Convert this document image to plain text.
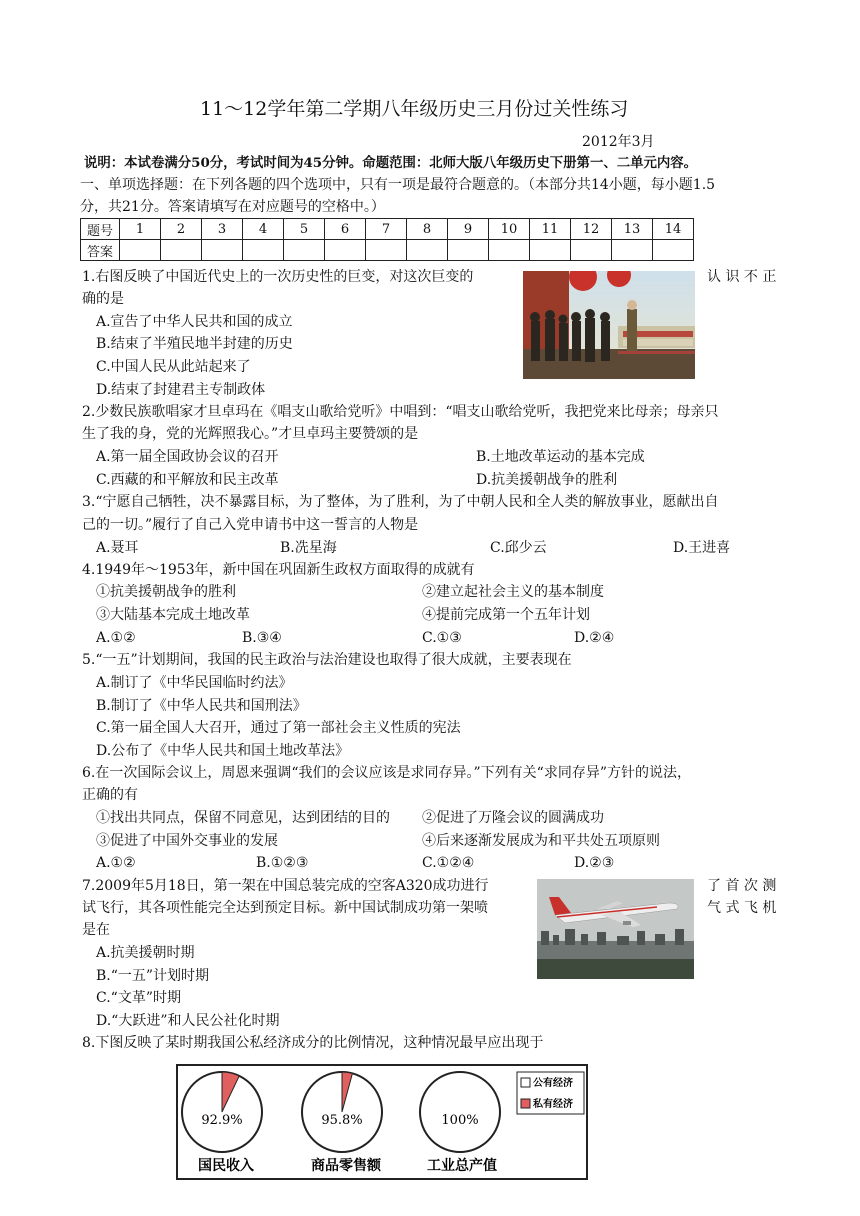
11～12学年第二学期八年级历史三月份过关性练习
2012年3月
说明：本试卷满分50分，考试时间为45分钟。命题范围：北师大版八年级历史下册第一、二单元内容。
一、单项选择题：在下列各题的四个选项中，只有一项是最符合题意的。（本部分共14小题，每小题1.5
分，共21分。答案请填写在对应题号的空格中。）
题号	1	2	3	4	5	6	7	8	9	10	11	12	13	14
答案														
1.右图反映了中国近代史上的一次历史性的巨变，对这次巨变的	认 识 不 正
确的是
A.宣告了中华人民共和国的成立
B.结束了半殖民地半封建的历史
C.中国人民从此站起来了
D.结束了封建君主专制政体
2.少数民族歌唱家才旦卓玛在《唱支山歌给党听》中唱到：“唱支山歌给党听，我把党来比母亲；母亲只
生了我的身，党的光辉照我心。”才旦卓玛主要赞颂的是
A.第一届全国政协会议的召开	B.土地改革运动的基本完成
C.西藏的和平解放和民主改革	D.抗美援朝战争的胜利
3.“宁愿自己牺牲，决不暴露目标，为了整体，为了胜利，为了中朝人民和全人类的解放事业，愿献出自
己的一切。”履行了自己入党申请书中这一誓言的人物是
A.聂耳	B.冼星海	C.邱少云	D.王进喜
4.1949年～1953年，新中国在巩固新生政权方面取得的成就有
①抗美援朝战争的胜利	②建立起社会主义的基本制度
③大陆基本完成土地改革	④提前完成第一个五年计划
A.①②	B.③④	C.①③	D.②④
5.“一五”计划期间，我国的民主政治与法治建设也取得了很大成就，主要表现在
A.制订了《中华民国临时约法》
B.制订了《中华人民共和国刑法》
C.第一届全国人大召开，通过了第一部社会主义性质的宪法
D.公布了《中华人民共和国土地改革法》
6.在一次国际会议上，周恩来强调“我们的会议应该是求同存异。”下列有关“求同存异”方针的说法，
正确的有
①找出共同点，保留不同意见，达到团结的目的 ②促进了万隆会议的圆满成功
③促进了中国外交事业的发展	④后来逐渐发展成为和平共处五项原则
A.①②	B.①②③	C.①②④	D.②③
7.2009年5月18日，第一架在中国总装完成的空客A320成功进行	了 首 次 测
试飞行，其各项性能完全达到预定目标。新中国试制成功第一架喷	气 式 飞 机
是在
A.抗美援朝时期
B.“一五”计划时期
C.“文革”时期
D.“大跃进”和人民公社化时期
8.下图反映了某时期我国公私经济成分的比例情况，这种情况最早应出现于
92.9%	95.8%	100%
国民收入	商品零售额	工业总产值
公有经济
私有经济
